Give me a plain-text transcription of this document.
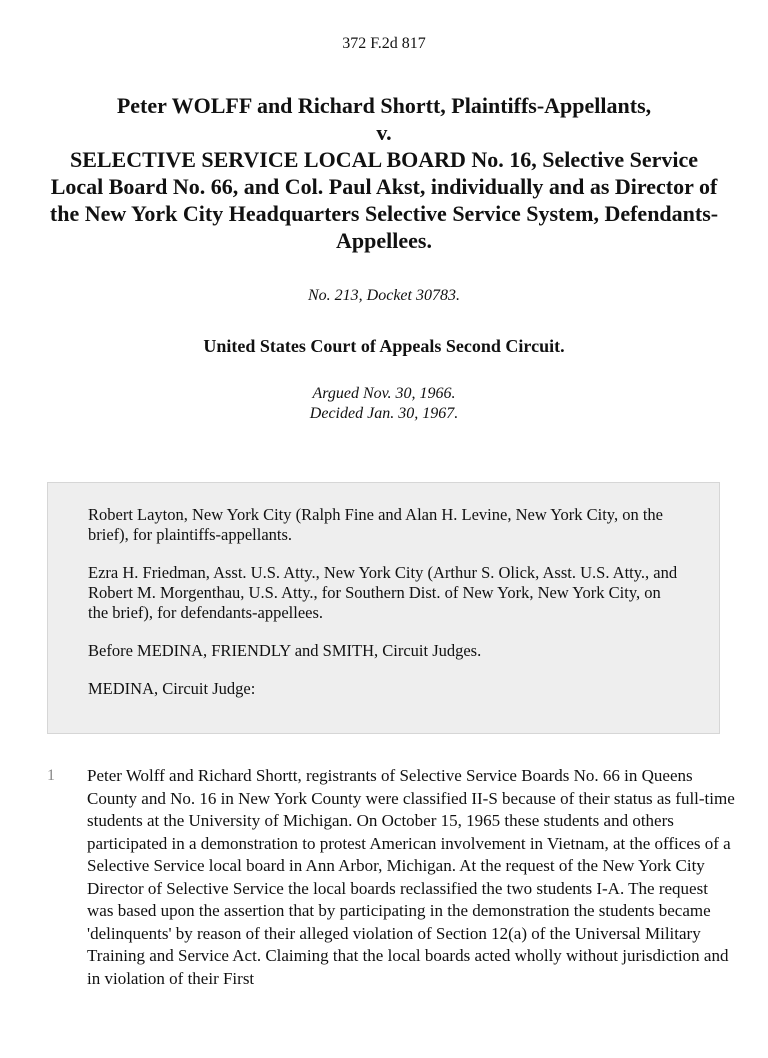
372 F.2d 817
Peter WOLFF and Richard Shortt, Plaintiffs-Appellants,
v.
SELECTIVE SERVICE LOCAL BOARD No. 16, Selective Service
Local Board No. 66, and Col. Paul Akst, individually and as Director of the New York City Headquarters Selective Service System, Defendants-Appellees.
No. 213, Docket 30783.
United States Court of Appeals Second Circuit.
Argued Nov. 30, 1966.
Decided Jan. 30, 1967.

Robert Layton, New York City (Ralph Fine and Alan H. Levine, New York City, on the brief), for plaintiffs-appellants.

Ezra H. Friedman, Asst. U.S. Atty., New York City (Arthur S. Olick, Asst. U.S. Atty., and Robert M. Morgenthau, U.S. Atty., for Southern Dist. of New York, New York City, on the brief), for defendants-appellees.

Before MEDINA, FRIENDLY and SMITH, Circuit Judges.

MEDINA, Circuit Judge:

1 Peter Wolff and Richard Shortt, registrants of Selective Service Boards No. 66 in Queens County and No. 16 in New York County were classified II-S because of their status as full-time students at the University of Michigan. On October 15, 1965 these students and others participated in a demonstration to protest American involvement in Vietnam, at the offices of a Selective Service local board in Ann Arbor, Michigan. At the request of the New York City Director of Selective Service the local boards reclassified the two students I-A. The request was based upon the assertion that by participating in the demonstration the students became 'delinquents' by reason of their alleged violation of Section 12(a) of the Universal Military Training and Service Act. Claiming that the local boards acted wholly without jurisdiction and in violation of their First
